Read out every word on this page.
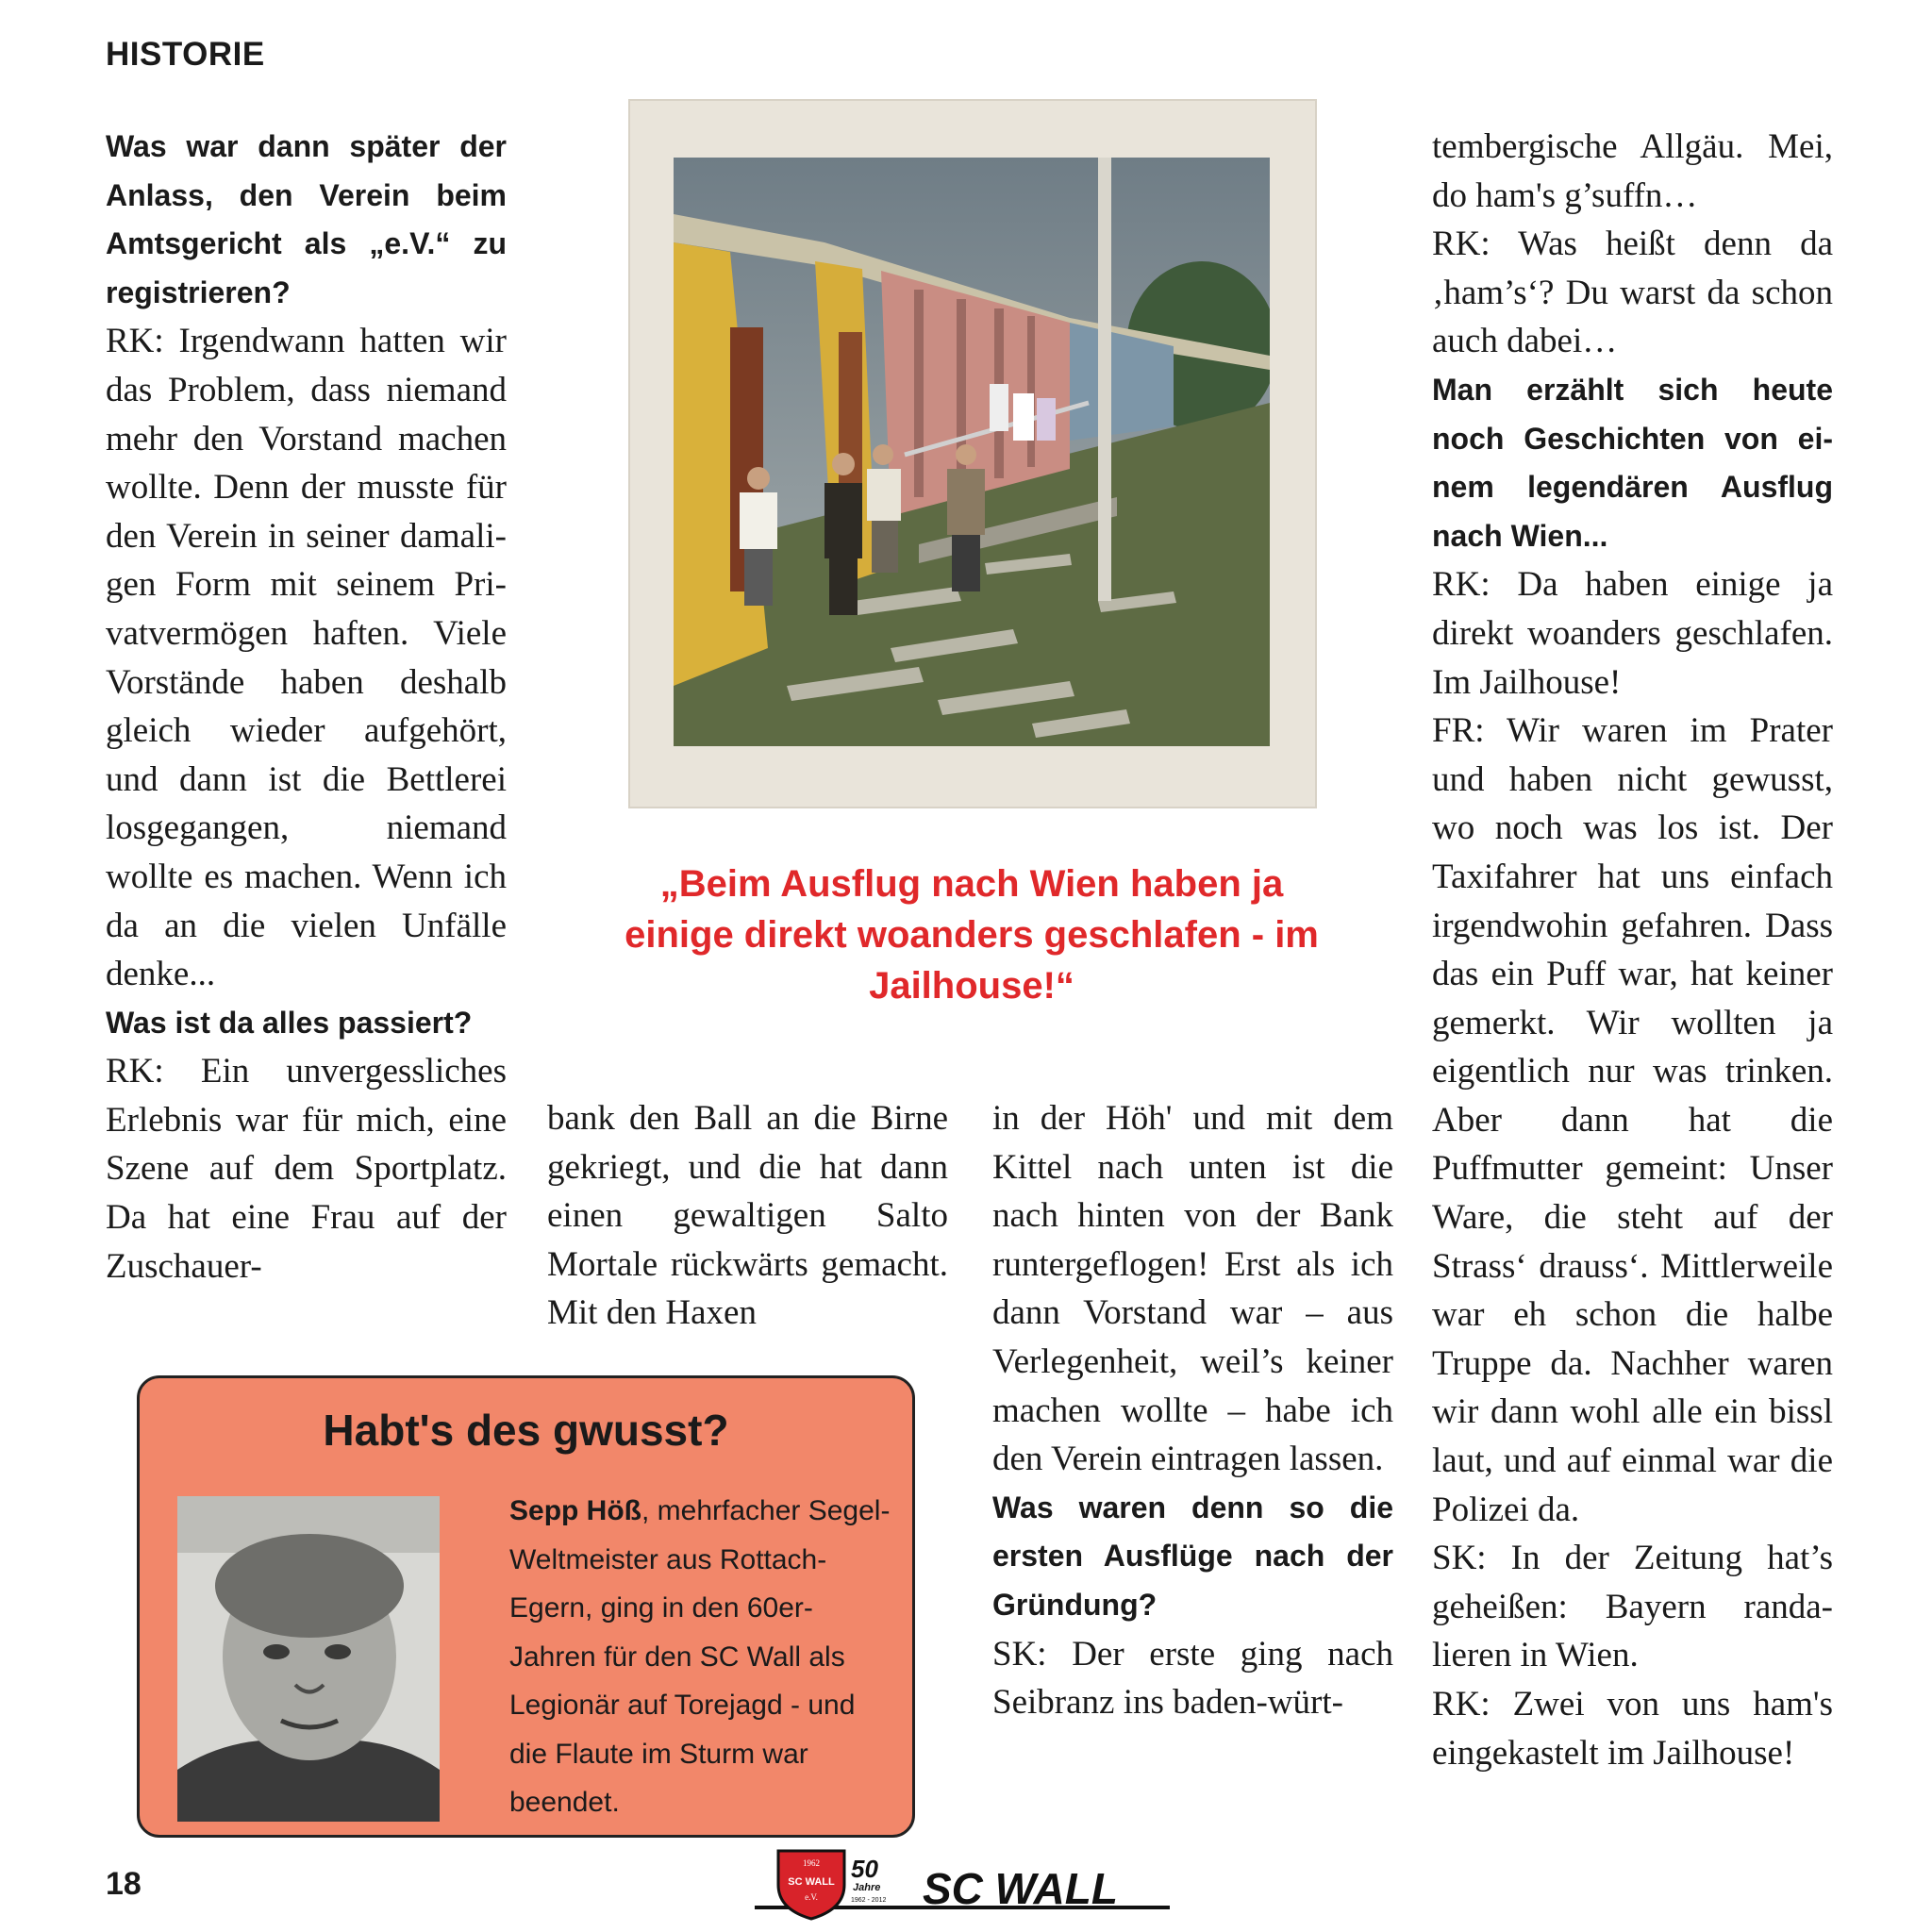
HISTORIE

Was war dann später der Anlass, den Verein beim Amtsgericht als „e.V.“ zu registrieren?

RK: Irgendwann hatten wir das Problem, dass niemand mehr den Vorstand machen wollte. Denn der musste für den Verein in seiner damaligen Form mit seinem Privatvermögen haften. Viele Vorstände haben deshalb gleich wieder aufgehört, und dann ist die Bettlerei losgegangen, niemand wollte es machen. Wenn ich da an die vielen Unfälle denke...

Was ist da alles passiert?

RK: Ein unvergessliches Erlebnis war für mich, eine Szene auf dem Sportplatz. Da hat eine Frau auf der Zuschauer-

„Beim Ausflug nach Wien haben ja einige direkt woanders geschlafen - im Jailhouse!“

bank den Ball an die Birne gekriegt, und die hat dann einen gewaltigen Salto Mortale rückwärts gemacht. Mit den Haxen

in der Höh' und mit dem Kittel nach unten ist die nach hinten von der Bank runtergeflogen! Erst als ich dann Vorstand war – aus Verlegenheit, weil’s keiner machen wollte – habe ich den Verein eintragen lassen.

Was waren denn so die ersten Ausflüge nach der Gründung?

SK: Der erste ging nach Seibranz ins baden-würt-

tembergische Allgäu. Mei, do ham's g’suffn…

RK: Was heißt denn da ‚ham’s‘? Du warst da schon auch dabei…

Man erzählt sich heute noch Geschichten von einem legendären Ausflug nach Wien...

RK: Da haben einige ja direkt woanders geschlafen. Im Jailhouse!

FR: Wir waren im Prater und haben nicht gewusst, wo noch was los ist. Der Taxifahrer hat uns einfach irgendwohin gefahren. Dass das ein Puff war, hat keiner gemerkt. Wir wollten ja eigentlich nur was trinken. Aber dann hat die Puffmutter gemeint: Unser Ware, die steht auf der Strass‘ drauss‘. Mittlerweile war eh schon die halbe Truppe da. Nachher waren wir dann wohl alle ein bissl laut, und auf einmal war die Polizei da.

SK: In der Zeitung hat’s geheißen: Bayern randalieren in Wien.

RK: Zwei von uns ham's eingekastelt im Jailhouse!

Habt's des gwusst?
Sepp Höß, mehrfacher Segel-Weltmeister aus Rottach-Egern, ging in den 60er-Jahren für den SC Wall als Legionär auf Torejagd - und die Flaute im Sturm war beendet.
18
1962
SC WALL
e.V.
50
Jahre
1962 - 2012 SC WALL
